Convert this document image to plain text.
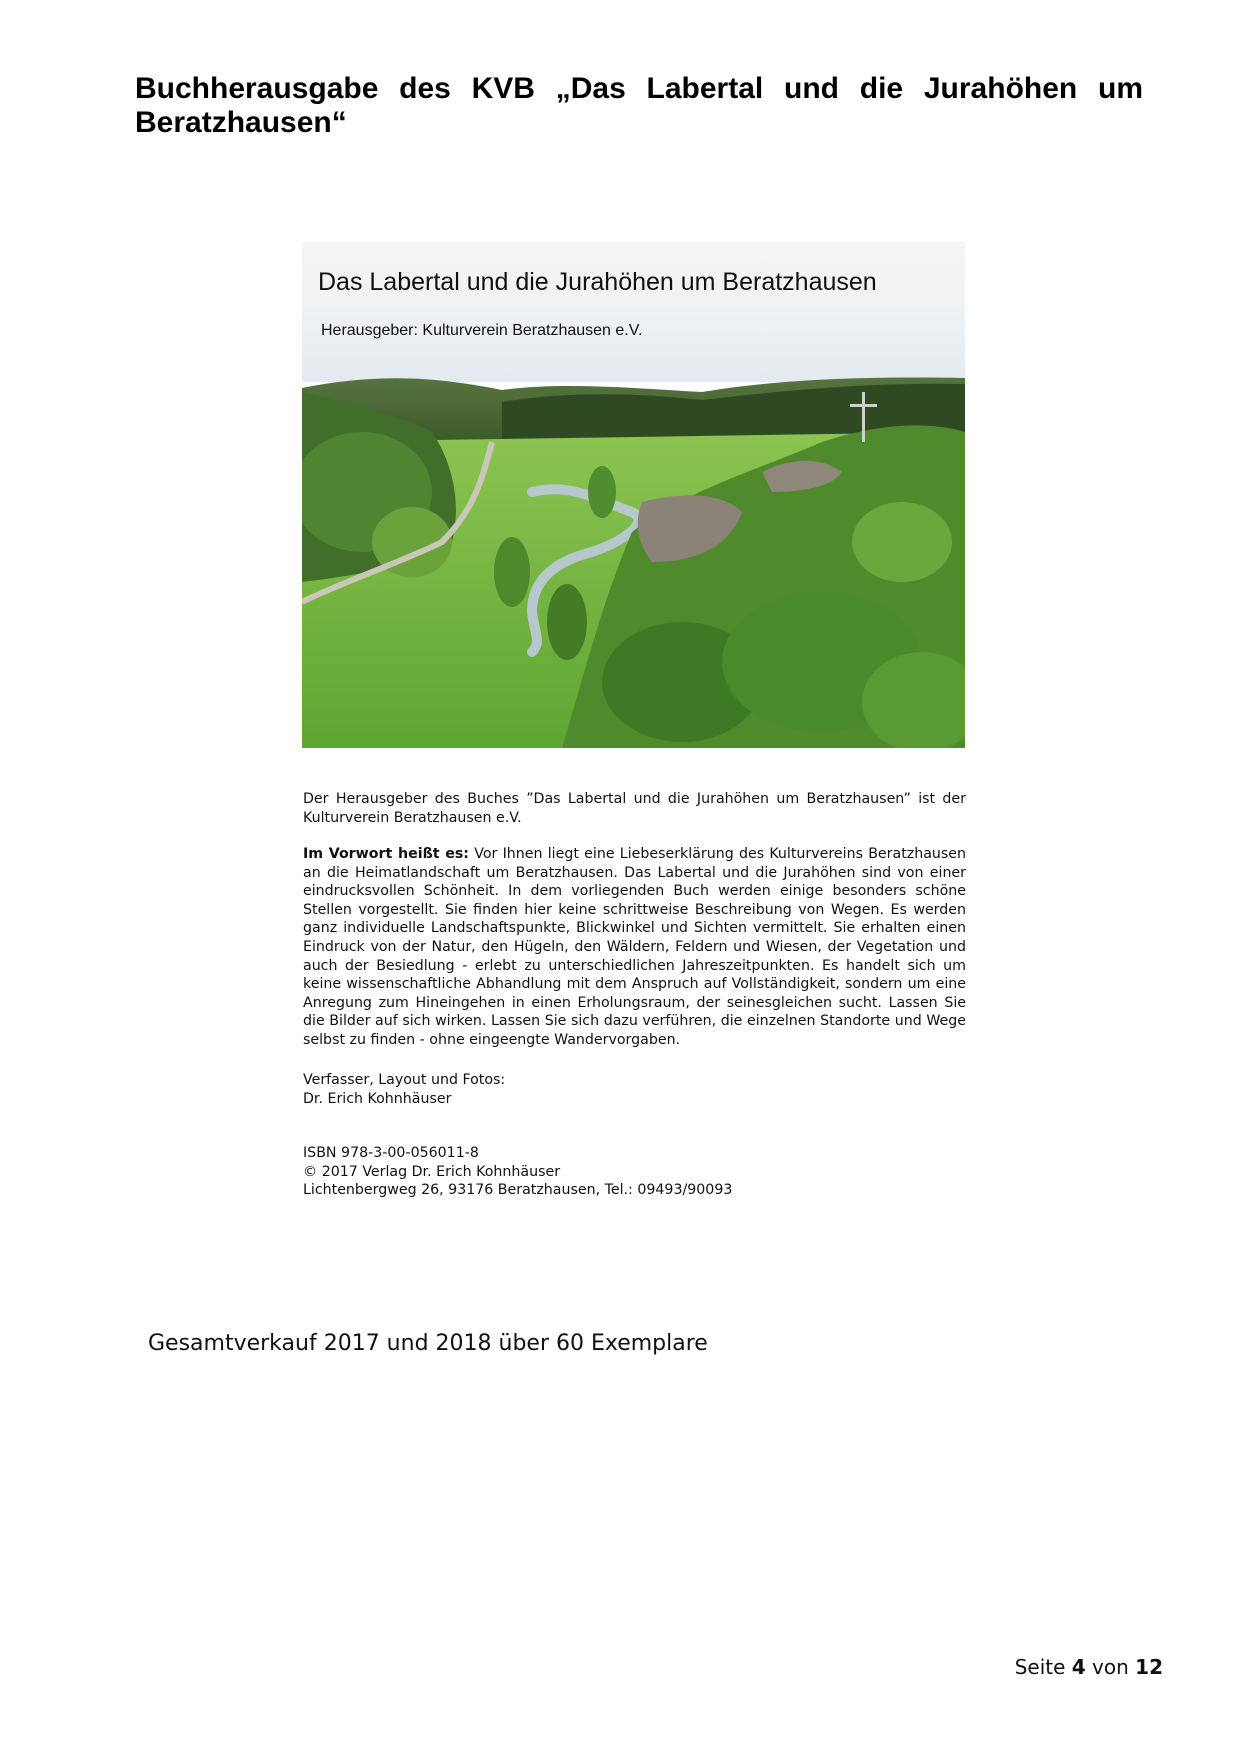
Buchherausgabe des KVB „Das Labertal und die Jurahöhen um Beratzhausen“
Das Labertal und die Jurahöhen um Beratzhausen
Herausgeber: Kulturverein Beratzhausen e.V.
Der Herausgeber des Buches ”Das Labertal und die Jurahöhen um Beratzhausen” ist der Kulturverein Beratzhausen e.V.
Im Vorwort heißt es: Vor Ihnen liegt eine Liebeserklärung des Kulturvereins Beratzhausen an die Heimatlandschaft um Beratzhausen. Das Labertal und die Jurahöhen sind von einer eindrucksvollen Schönheit. In dem vorliegenden Buch werden einige besonders schöne Stellen vorgestellt. Sie finden hier keine schrittweise Beschreibung von Wegen. Es werden ganz individuelle Landschaftspunkte, Blickwinkel und Sichten vermittelt. Sie erhalten einen Eindruck von der Natur, den Hügeln, den Wäldern, Feldern und Wiesen, der Vegetation und auch der Besiedlung - erlebt zu unterschiedlichen Jahreszeitpunkten. Es handelt sich um keine wissenschaftliche Abhandlung mit dem Anspruch auf Vollständigkeit, sondern um eine Anregung zum Hineingehen in einen Erholungsraum, der seinesgleichen sucht. Lassen Sie die Bilder auf sich wirken. Lassen Sie sich dazu verführen, die einzelnen Standorte und Wege selbst zu finden - ohne eingeengte Wandervorgaben.
Verfasser, Layout und Fotos:
Dr. Erich Kohnhäuser
ISBN 978-3-00-056011-8
© 2017 Verlag Dr. Erich Kohnhäuser
Lichtenbergweg 26, 93176 Beratzhausen, Tel.: 09493/90093
Gesamtverkauf 2017 und 2018 über 60 Exemplare
Seite 4 von 12
